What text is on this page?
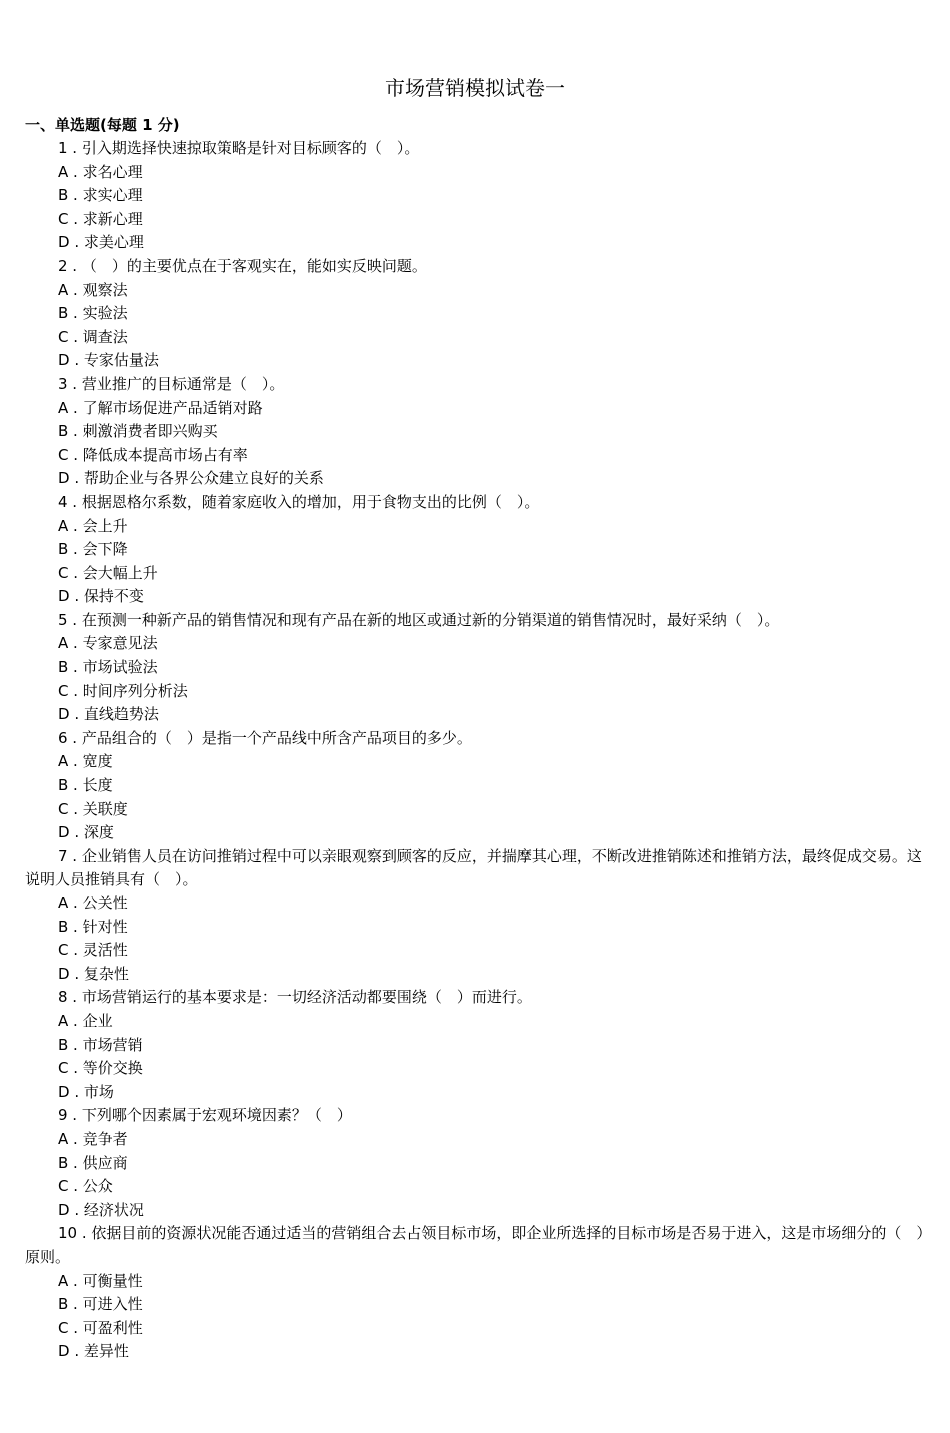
市场营销模拟试卷一
一、单选题(每题 1 分)

1 . 引入期选择快速掠取策略是针对目标顾客的（　）。

A . 求名心理

B . 求实心理

C . 求新心理

D . 求美心理

2 . （　）的主要优点在于客观实在，能如实反映问题。

A . 观察法

B . 实验法

C . 调查法

D . 专家估量法

3 . 营业推广的目标通常是（　）。

A . 了解市场促进产品适销对路

B . 刺激消费者即兴购买

C . 降低成本提高市场占有率

D . 帮助企业与各界公众建立良好的关系

4 . 根据恩格尔系数，随着家庭收入的增加，用于食物支出的比例（　）。

A . 会上升

B . 会下降

C . 会大幅上升

D . 保持不变

5 . 在预测一种新产品的销售情况和现有产品在新的地区或通过新的分销渠道的销售情况时，最好采纳（　）。

A . 专家意见法

B . 市场试验法

C . 时间序列分析法

D . 直线趋势法

6 . 产品组合的（　）是指一个产品线中所含产品项目的多少。

A . 宽度

B . 长度

C . 关联度

D . 深度

7 . 企业销售人员在访问推销过程中可以亲眼观察到顾客的反应，并揣摩其心理，不断改进推销陈述和推销方法，最终促成交易。这说明人员推销具有（　）。

A . 公关性

B . 针对性

C . 灵活性

D . 复杂性

8 . 市场营销运行的基本要求是：一切经济活动都要围绕（　）而进行。

A . 企业

B . 市场营销

C . 等价交换

D . 市场

9 . 下列哪个因素属于宏观环境因素？（　）

A . 竞争者

B . 供应商

C . 公众

D . 经济状况

10 . 依据目前的资源状况能否通过适当的营销组合去占领目标市场，即企业所选择的目标市场是否易于进入，这是市场细分的（　）原则。

A . 可衡量性

B . 可进入性

C . 可盈利性

D . 差异性
